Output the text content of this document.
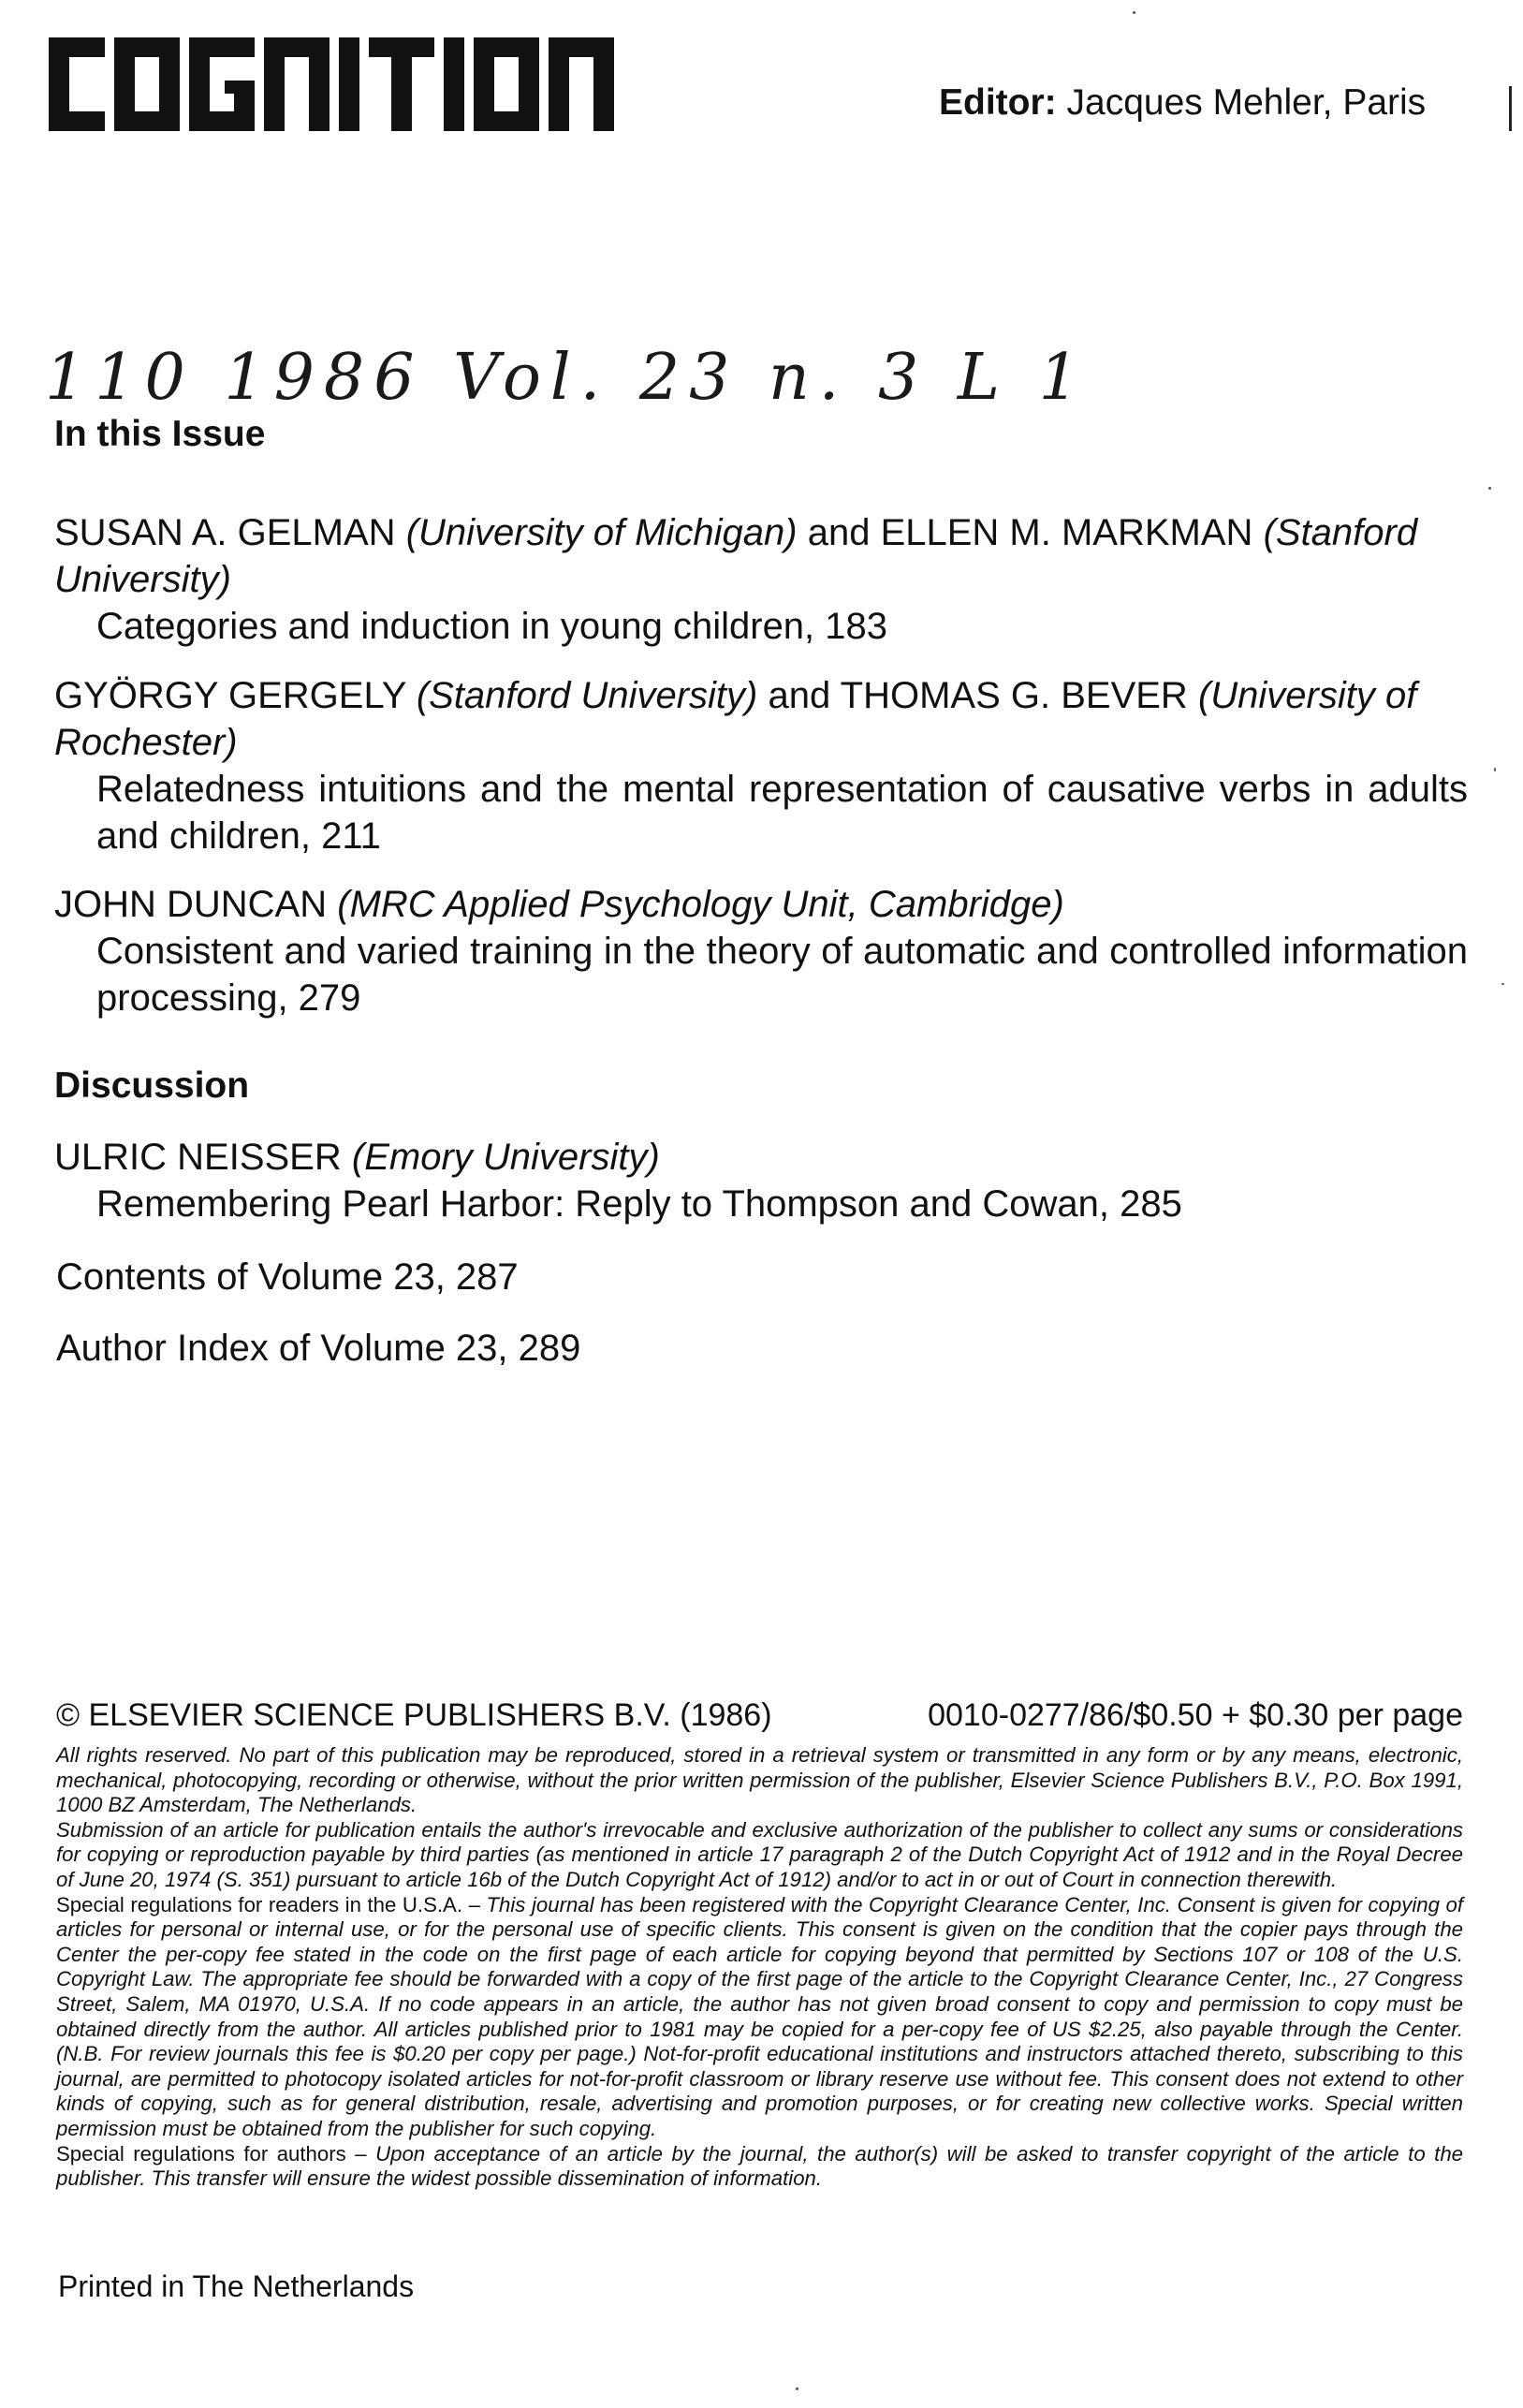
Editor: Jacques Mehler, Paris
110 1986 Vol. 23 n. 3 L 1
In this Issue

SUSAN A. GELMAN (University of Michigan) and ELLEN M. MARKMAN (Stanford University)

Categories and induction in young children, 183

GYÖRGY GERGELY (Stanford University) and THOMAS G. BEVER (University of Rochester)

Relatedness intuitions and the mental representation of causative verbs in adults and children, 211

JOHN DUNCAN (MRC Applied Psychology Unit, Cambridge)

Consistent and varied training in the theory of automatic and controlled information processing, 279

Discussion

ULRIC NEISSER (Emory University)

Remembering Pearl Harbor: Reply to Thompson and Cowan, 285

Contents of Volume 23, 287
Author Index of Volume 23, 289
© ELSEVIER SCIENCE PUBLISHERS B.V. (1986)	0010-0277/86/$0.50 + $0.30 per page

All rights reserved. No part of this publication may be reproduced, stored in a retrieval system or transmitted in any form or by any means, electronic, mechanical, photocopying, recording or otherwise, without the prior written permission of the publisher, Elsevier Science Publishers B.V., P.O. Box 1991, 1000 BZ Amsterdam, The Netherlands.

Submission of an article for publication entails the author's irrevocable and exclusive authorization of the publisher to collect any sums or considerations for copying or reproduction payable by third parties (as mentioned in article 17 paragraph 2 of the Dutch Copyright Act of 1912 and in the Royal Decree of June 20, 1974 (S. 351) pursuant to article 16b of the Dutch Copyright Act of 1912) and/or to act in or out of Court in connection therewith.

Special regulations for readers in the U.S.A. – This journal has been registered with the Copyright Clearance Center, Inc. Consent is given for copying of articles for personal or internal use, or for the personal use of specific clients. This consent is given on the condition that the copier pays through the Center the per-copy fee stated in the code on the first page of each article for copying beyond that permitted by Sections 107 or 108 of the U.S. Copyright Law. The appropriate fee should be forwarded with a copy of the first page of the article to the Copyright Clearance Center, Inc., 27 Congress Street, Salem, MA 01970, U.S.A. If no code appears in an article, the author has not given broad consent to copy and permission to copy must be obtained directly from the author. All articles published prior to 1981 may be copied for a per-copy fee of US $2.25, also payable through the Center. (N.B. For review journals this fee is $0.20 per copy per page.) Not-for-profit educational institutions and instructors attached thereto, subscribing to this journal, are permitted to photocopy isolated articles for not-for-profit classroom or library reserve use without fee. This consent does not extend to other kinds of copying, such as for general distribution, resale, advertising and promotion purposes, or for creating new collective works. Special written permission must be obtained from the publisher for such copying.

Special regulations for authors – Upon acceptance of an article by the journal, the author(s) will be asked to transfer copyright of the article to the publisher. This transfer will ensure the widest possible dissemination of information.

Printed in The Netherlands
